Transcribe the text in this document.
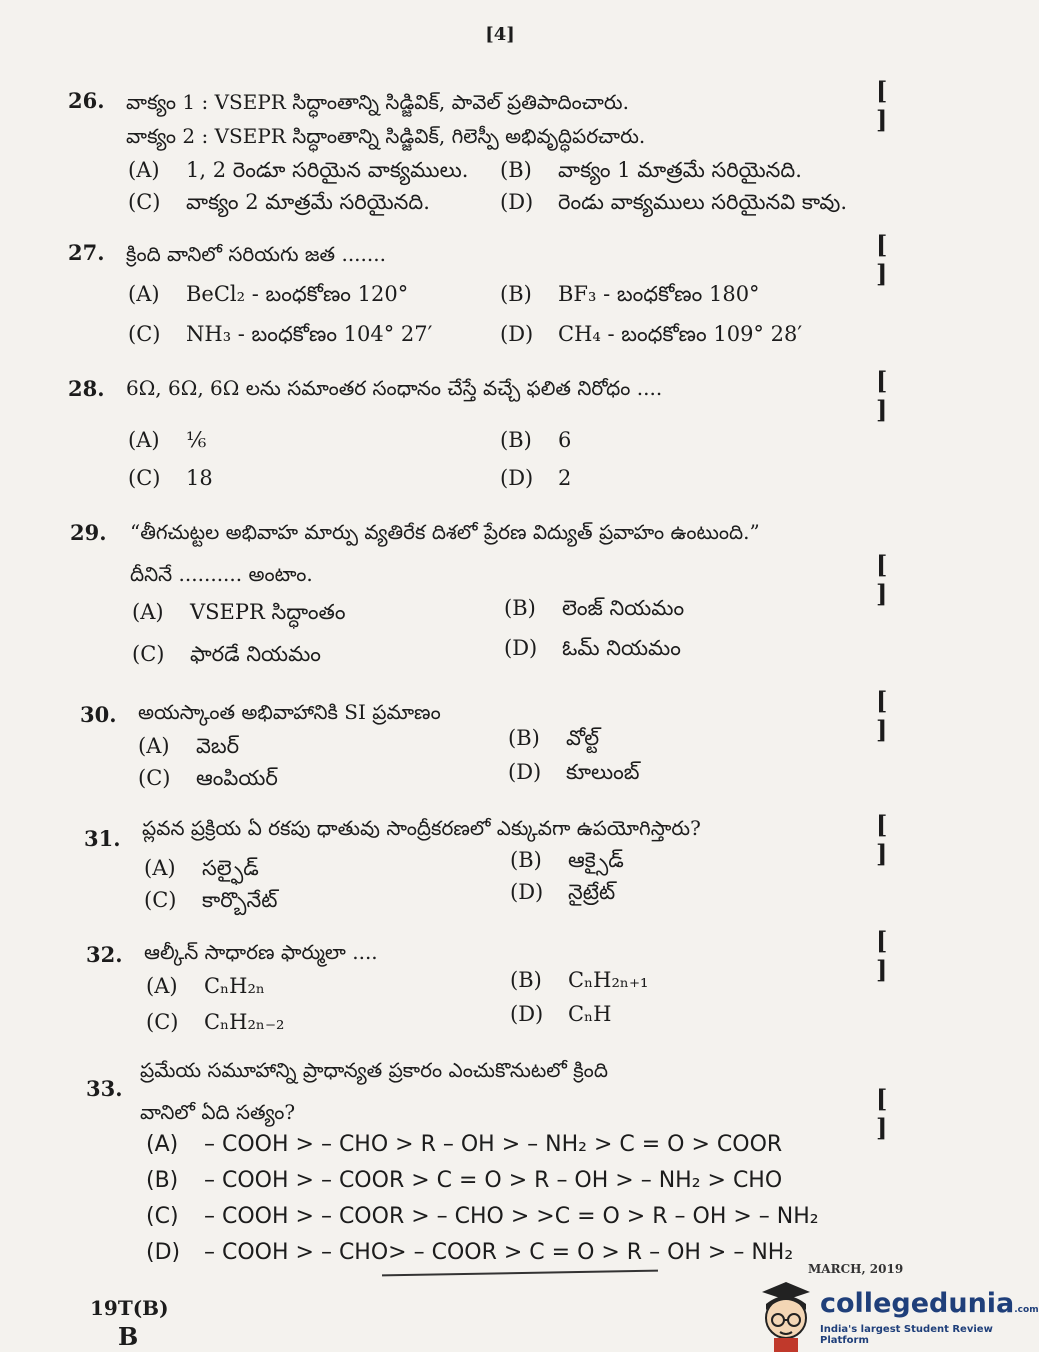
[4]
26. వాక్యం 1 : VSEPR సిద్ధాంతాన్ని సిడ్జివిక్, పావెల్ ప్రతిపాదించారు.
వాక్యం 2 : VSEPR సిద్ధాంతాన్ని సిడ్జివిక్, గిలెస్పీ అభివృద్ధిపరచారు.
[ ]
(A) 1, 2 రెండూ సరియైన వాక్యములు. (B) వాక్యం 1 మాత్రమే సరియైనది.
(C) వాక్యం 2 మాత్రమే సరియైనది.	(D) రెండు వాక్యములు సరియైనవి కావు.
27. క్రింది వానిలో సరియగు జత .......	[ ]
(A) BeCl₂ - బంధకోణం 120°	(B) BF₃ - బంధకోణం 180°
(C) NH₃ - బంధకోణం 104° 27′	(D) CH₄ - బంధకోణం 109° 28′
28. 6Ω, 6Ω, 6Ω లను సమాంతర సంధానం చేస్తే వచ్చే ఫలిత నిరోధం ....	[ ]
(A) ⅙	(B) 6
(C) 18	(D) 2
29. “తీగచుట్టల అభివాహ మార్పు వ్యతిరేక దిశలో ప్రేరణ విద్యుత్ ప్రవాహం ఉంటుంది.”
దీనినే .......... అంటాం.	[ ]
(A) VSEPR సిద్ధాంతం	(B) లెంజ్ నియమం
(C) ఫారడే నియమం	(D) ఓమ్ నియమం
30. అయస్కాంత అభివాహానికి SI ప్రమాణం	[ ]
(A) వెబర్	(B) వోల్ట్
(C) ఆంపియర్	(D) కూలుంబ్
31. ప్లవన ప్రక్రియ ఏ రకపు ధాతువు సాంద్రీకరణలో ఎక్కువగా ఉపయోగిస్తారు?	[ ]
(A) సల్ఫైడ్	(B) ఆక్సైడ్
(C) కార్బొనేట్	(D) నైట్రేట్
32. ఆల్కీన్ సాధారణ ఫార్ములా ....	[ ]
(A) CₙH₂ₙ	(B) CₙH₂ₙ₊₁
(C) CₙH₂ₙ₋₂	(D) CₙH
33.
ప్రమేయ సమూహాన్ని ప్రాధాన్యత ప్రకారం ఎంచుకొనుటలో క్రింది
వానిలో ఏది సత్యం?	[ ]
(A) – COOH > – CHO > R – OH > – NH₂ > C = O > COOR
(B) – COOH > – COOR > C = O > R – OH > – NH₂ > CHO
(C) – COOH > – COOR > – CHO > >C = O > R – OH > – NH₂
(D) – COOH > – CHO> – COOR > C = O > R – OH > – NH₂
MARCH, 2019
19T(B)
B
collegedunia.com
India's largest Student Review Platform
